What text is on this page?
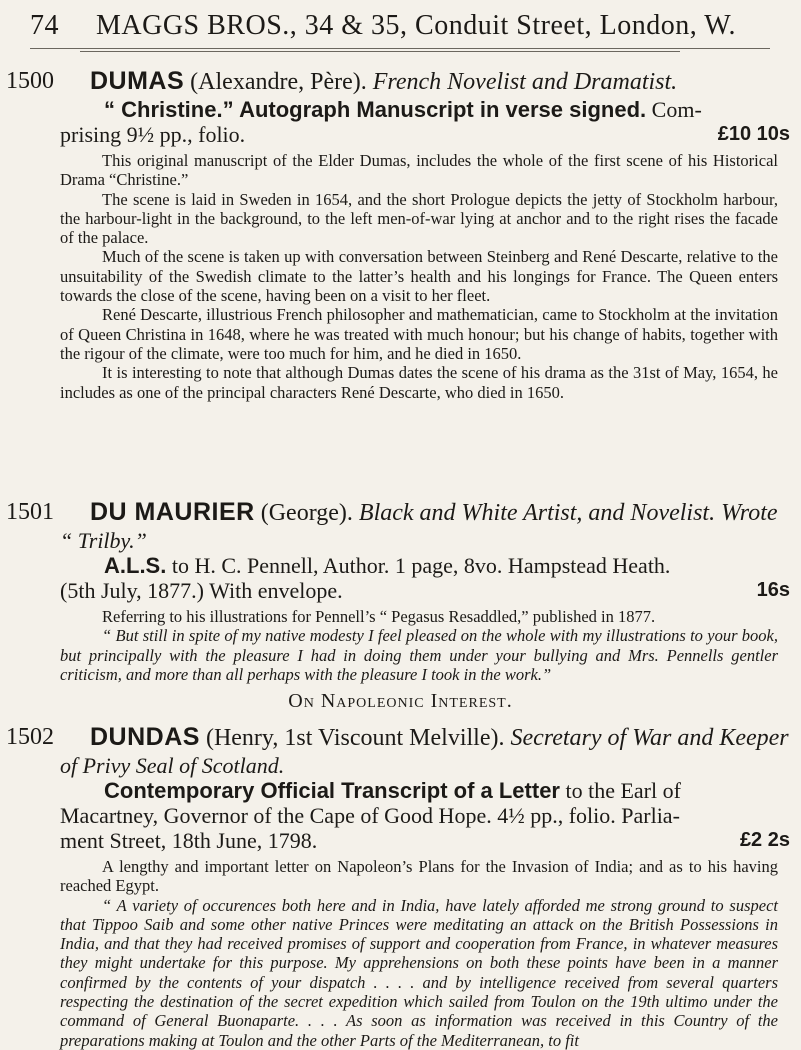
74 MAGGS BROS., 34 & 35, Conduit Street, London, W.
1500 DUMAS (Alexandre, Père). French Novelist and Dramatist.

“ Christine.” Autograph Manuscript in verse signed. Com-

prising 9½ pp., folio.	£10 10s

This original manuscript of the Elder Dumas, includes the whole of the first scene of his Historical Drama “Christine.”

The scene is laid in Sweden in 1654, and the short Prologue depicts the jetty of Stockholm harbour, the harbour-light in the background, to the left men-of-war lying at anchor and to the right rises the facade of the palace.

Much of the scene is taken up with conversation between Steinberg and René Descarte, relative to the unsuitability of the Swedish climate to the latter’s health and his longings for France. The Queen enters towards the close of the scene, having been on a visit to her fleet.

René Descarte, illustrious French philosopher and mathematician, came to Stockholm at the invitation of Queen Christina in 1648, where he was treated with much honour; but his change of habits, together with the rigour of the climate, were too much for him, and he died in 1650.

It is interesting to note that although Dumas dates the scene of his drama as the 31st of May, 1654, he includes as one of the principal characters René Descarte, who died in 1650.

1501 DU MAURIER (George). Black and White Artist, and Novelist. Wrote

“ Trilby.”

A.L.S. to H. C. Pennell, Author. 1 page, 8vo. Hampstead Heath.

(5th July, 1877.) With envelope.	16s

Referring to his illustrations for Pennell’s “ Pegasus Resaddled,” published in 1877.

“ But still in spite of my native modesty I feel pleased on the whole with my illustrations to your book, but principally with the pleasure I had in doing them under your bullying and Mrs. Pennells gentler criticism, and more than all perhaps with the pleasure I took in the work.”

On Napoleonic Interest.
1502 DUNDAS (Henry, 1st Viscount Melville). Secretary of War and Keeper

of Privy Seal of Scotland.

Contemporary Official Transcript of a Letter to the Earl of

Macartney, Governor of the Cape of Good Hope. 4½ pp., folio. Parlia-

ment Street, 18th June, 1798.	£2 2s

A lengthy and important letter on Napoleon’s Plans for the Invasion of India; and as to his having reached Egypt.

“ A variety of occurences both here and in India, have lately afforded me strong ground to suspect that Tippoo Saib and some other native Princes were meditating an attack on the British Possessions in India, and that they had received promises of support and cooperation from France, in whatever measures they might undertake for this purpose. My apprehensions on both these points have been in a manner confirmed by the contents of your dispatch . . . . and by intelligence received from several quarters respecting the destination of the secret expedition which sailed from Toulon on the 19th ultimo under the command of General Buonaparte. . . . As soon as information was received in this Country of the preparations making at Toulon and the other Parts of the Mediterranean, to fit
